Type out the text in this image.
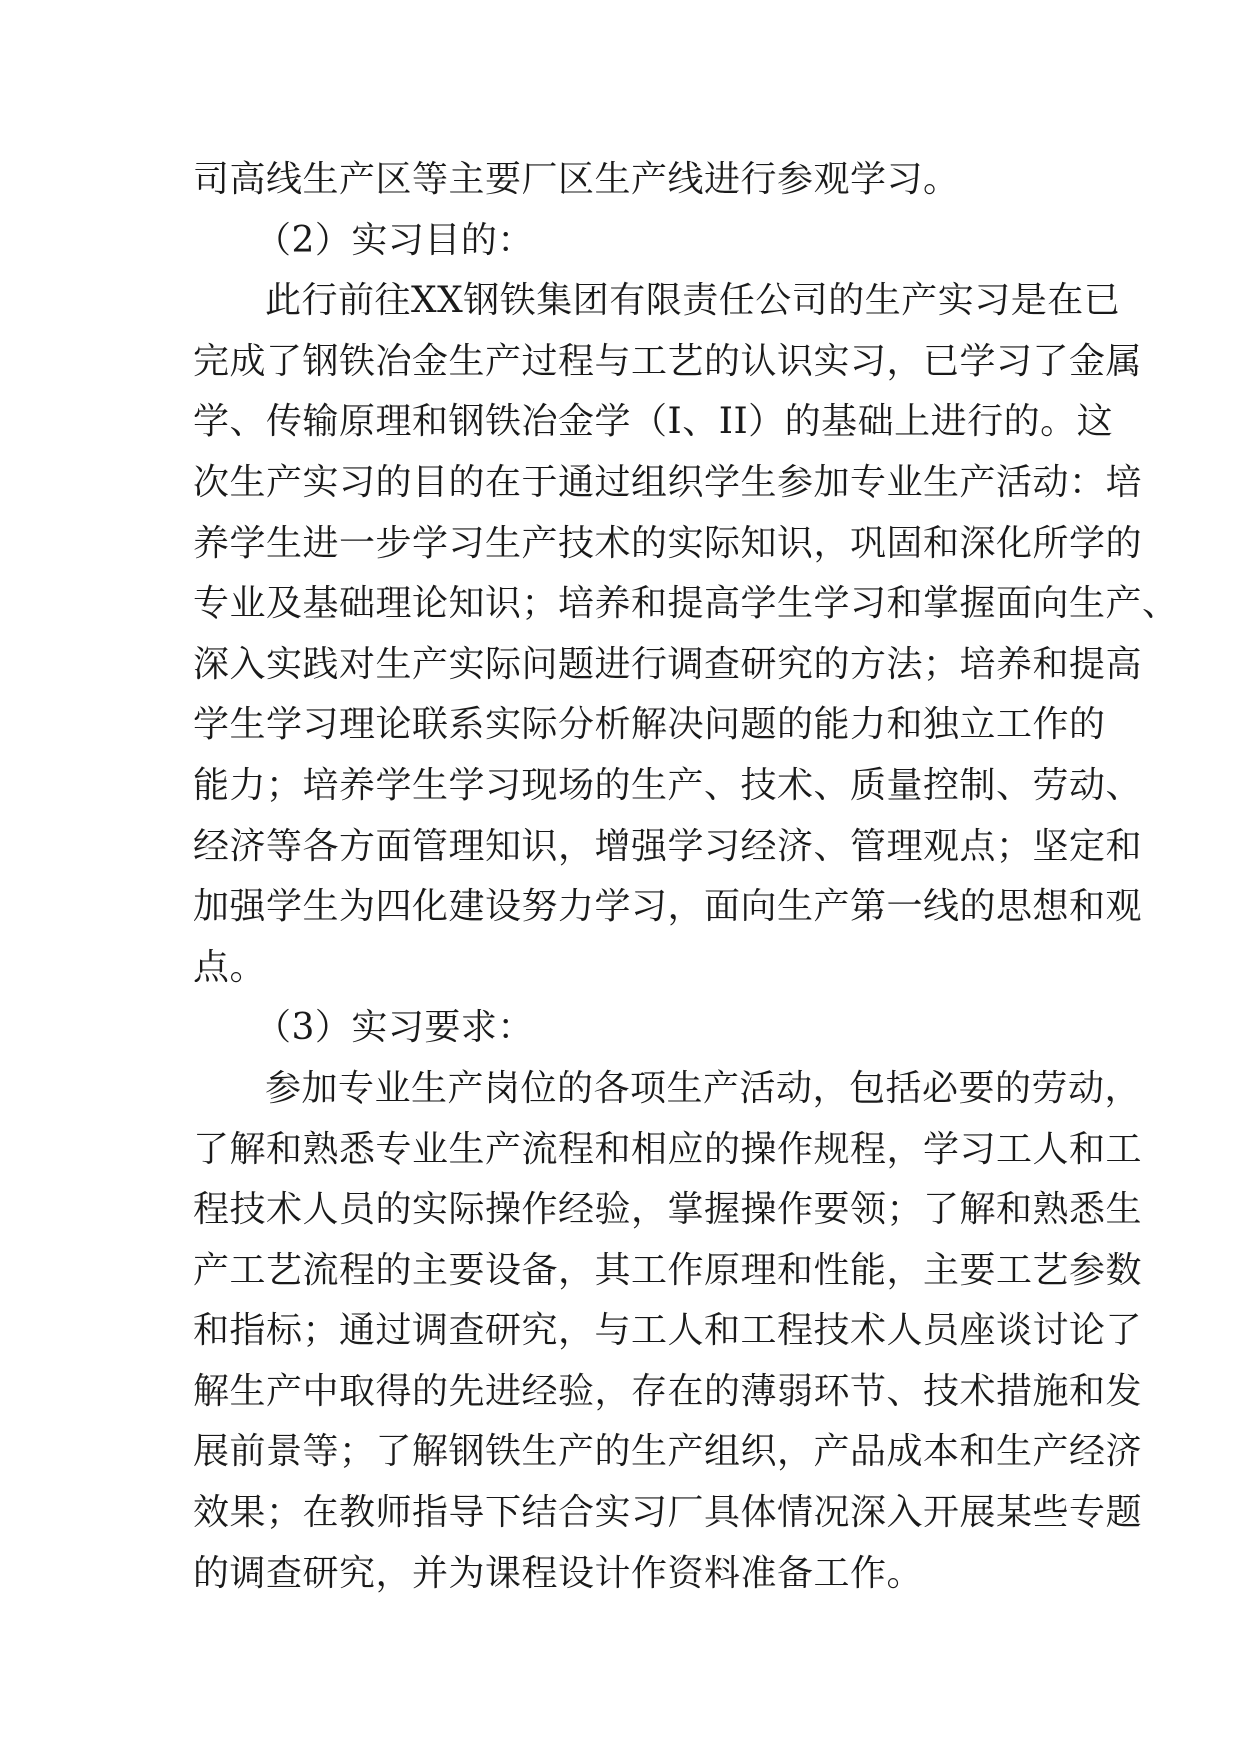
司高线生产区等主要厂区生产线进行参观学习。
（2）实习目的：
此行前往XX钢铁集团有限责任公司的生产实习是在已
完成了钢铁冶金生产过程与工艺的认识实习，已学习了金属
学、传输原理和钢铁冶金学（I、II）的基础上进行的。这
次生产实习的目的在于通过组织学生参加专业生产活动：培
养学生进一步学习生产技术的实际知识，巩固和深化所学的
专业及基础理论知识；培养和提高学生学习和掌握面向生产、
深入实践对生产实际问题进行调查研究的方法；培养和提高
学生学习理论联系实际分析解决问题的能力和独立工作的
能力；培养学生学习现场的生产、技术、质量控制、劳动、
经济等各方面管理知识，增强学习经济、管理观点；坚定和
加强学生为四化建设努力学习，面向生产第一线的思想和观
点。
（3）实习要求：
参加专业生产岗位的各项生产活动，包括必要的劳动，
了解和熟悉专业生产流程和相应的操作规程，学习工人和工
程技术人员的实际操作经验，掌握操作要领；了解和熟悉生
产工艺流程的主要设备，其工作原理和性能，主要工艺参数
和指标；通过调查研究，与工人和工程技术人员座谈讨论了
解生产中取得的先进经验，存在的薄弱环节、技术措施和发
展前景等；了解钢铁生产的生产组织，产品成本和生产经济
效果；在教师指导下结合实习厂具体情况深入开展某些专题
的调查研究，并为课程设计作资料准备工作。
